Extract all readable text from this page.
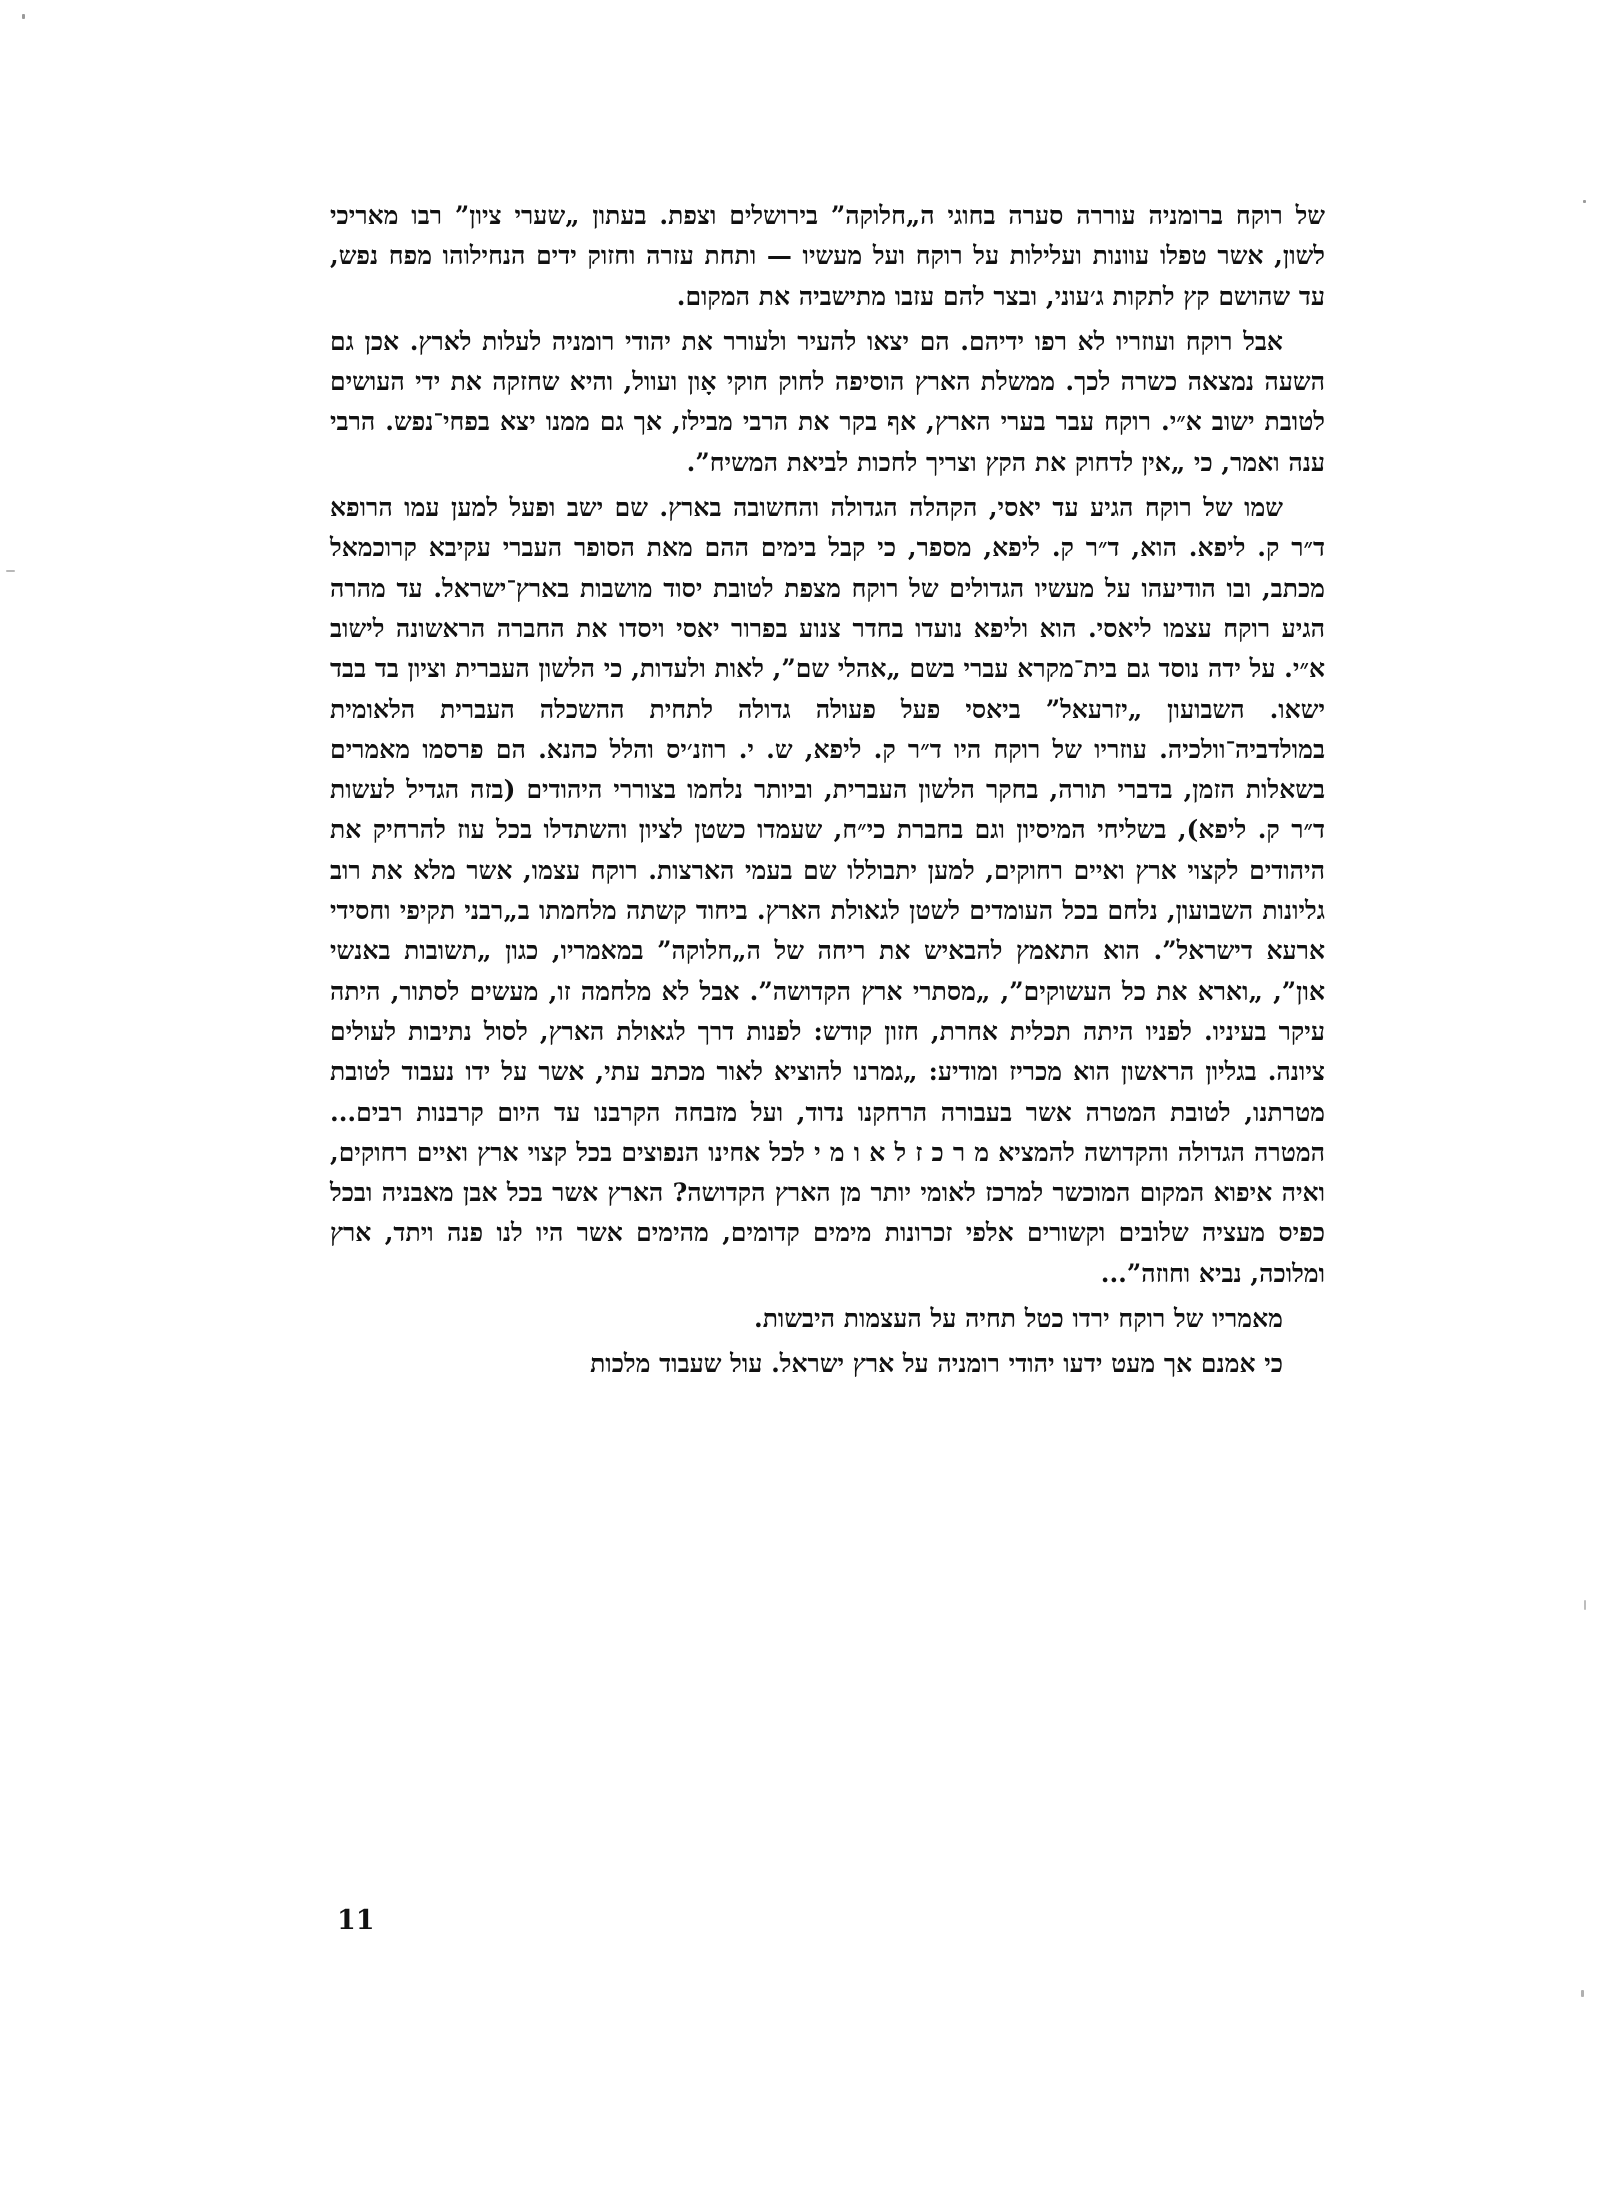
של רוקח ברומניה עוררה סערה בחוגי ה„חלוקה” בירושלים וצפת. בעתון „שערי ציון” רבו מאריכי לשון, אשר טפלו עוונות ועלילות על רוקח ועל מעשיו — ותחת עזרה וחזוק ידים הנחילוהו מפח נפש, עד שהושם קץ לתקות ג׳עוני, ובצר להם עזבו מתישביה את המקום.

אבל רוקח ועוזריו לא רפו ידיהם. הם יצאו להעיר ולעורר את יהודי רומניה לעלות לארץ. אכן גם השעה נמצאה כשרה לכך. ממשלת הארץ הוסיפה לחוק חוקי אָון ועוול, והיא שחזקה את ידי העושים לטובת ישוב א״י. רוקח עבר בערי הארץ, אף בקר את הרבי מבילז, אך גם ממנו יצא בפחי־נפש. הרבי ענה ואמר, כי „אין לדחוק את הקץ וצריך לחכות לביאת המשיח”.

שמו של רוקח הגיע עד יאסי, הקהלה הגדולה והחשובה בארץ. שם ישב ופעל למען עמו הרופא ד״ר ק. ליפא. הוא, ד״ר ק. ליפא, מספר, כי קבל בימים ההם מאת הסופר העברי עקיבא קרוכמאל מכתב, ובו הודיעהו על מעשיו הגדולים של רוקח מצפת לטובת יסוד מושבות בארץ־ישראל. עד מהרה הגיע רוקח עצמו ליאסי. הוא וליפא נועדו בחדר צנוע בפרור יאסי ויסדו את החברה הראשונה לישוב א״י. על ידה נוסד גם בית־מקרא עברי בשם „אהלי שם”, לאות ולעדות, כי הלשון העברית וציון בד בבד ישאו. השבועון „יזרעאל” ביאסי פעל פעולה גדולה לתחית ההשכלה העברית הלאומית במולדביה־וולכיה. עוזריו של רוקח היו ד״ר ק. ליפא, ש. י. רוזנ׳יס והלל כהנא. הם פרסמו מאמרים בשאלות הזמן, בדברי תורה, בחקר הלשון העברית, וביותר נלחמו בצוררי היהודים (בזה הגדיל לעשות ד״ר ק. ליפא), בשליחי המיסיון וגם בחברת כי״ח, שעמדו כשטן לציון והשתדלו בכל עוז להרחיק את היהודים לקצוי ארץ ואיים רחוקים, למען יתבוללו שם בעמי הארצות. רוקח עצמו, אשר מלא את רוב גליונות השבועון, נלחם בכל העומדים לשטן לגאולת הארץ. ביחוד קשתה מלחמתו ב„רבני תקיפי וחסידי ארעא דישראל”. הוא התאמץ להבאיש את ריחה של ה„חלוקה” במאמריו, כגון „תשובות באנשי און”, „וארא את כל העשוקים”, „מסתרי ארץ הקדושה”. אבל לא מלחמה זו, מעשים לסתור, היתה עיקר בעיניו. לפניו היתה תכלית אחרת, חזון קודש: לפנות דרך לגאולת הארץ, לסול נתיבות לעולים ציונה. בגליון הראשון הוא מכריז ומודיע: „גמרנו להוציא לאור מכתב עתי, אשר על ידו נעבוד לטובת מטרתנו, לטובת המטרה אשר בעבורה הרחקנו נדוד, ועל מזבחה הקרבנו עד היום קרבנות רבים... המטרה הגדולה והקדושה להמציא מ ר כ ז ל א ו מ י לכל אחינו הנפוצים בכל קצוי ארץ ואיים רחוקים, ואיה איפוא המקום המוכשר למרכז לאומי יותר מן הארץ הקדושה? הארץ אשר בכל אבן מאבניה ובכל כפיס מעציה שלובים וקשורים אלפי זכרונות מימים קדומים, מהימים אשר היו לנו פנה ויתד, ארץ ומלוכה, נביא וחוזה”...

מאמריו של רוקח ירדו כטל תחיה על העצמות היבשות.

כי אמנם אך מעט ידעו יהודי רומניה על ארץ ישראל. עול שעבוד מלכות

11
